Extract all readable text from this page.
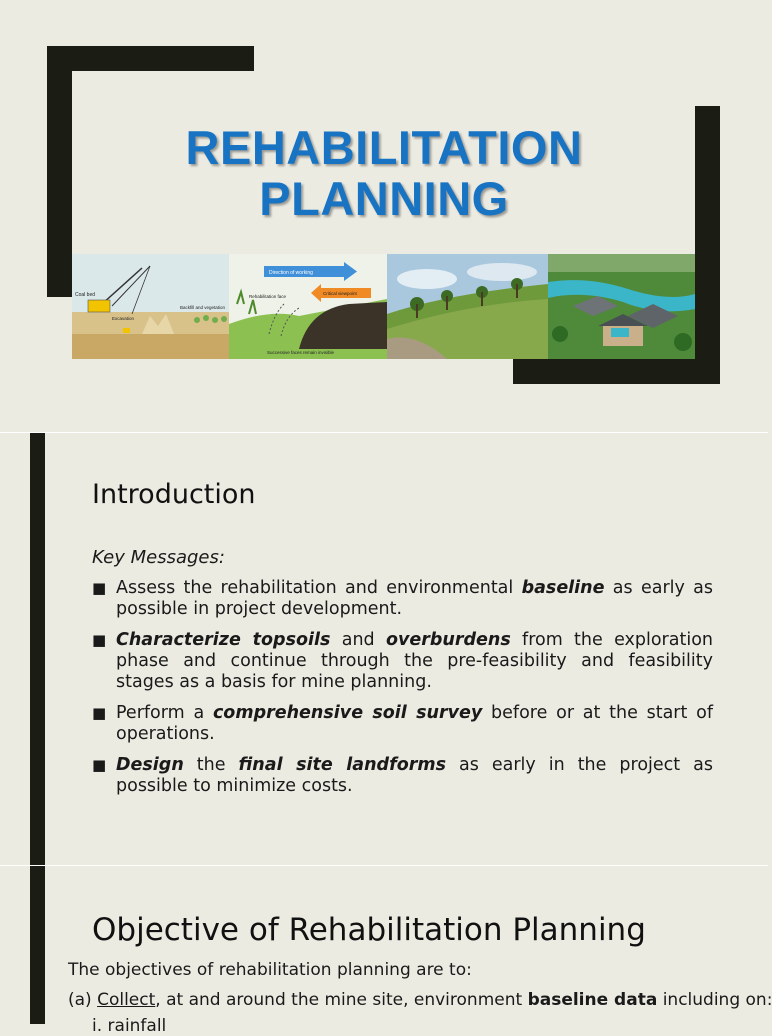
REHABILITATION
PLANNING
Coal bed
Backfill and vegetation
Excavation
Direction of working
Critical viewpoint
Rehabilitation face
Successive faces remain invisible
Introduction
Key Messages:
■ Assess the rehabilitation and environmental baseline as early as possible in project development.
■ Characterize topsoils and overburdens from the exploration phase and continue through the pre-feasibility and feasibility stages as a basis for mine planning.
■ Perform a comprehensive soil survey before or at the start of operations.
■ Design the final site landforms as early in the project as possible to minimize costs.
Objective of Rehabilitation Planning
The objectives of rehabilitation planning are to:
(a) Collect, at and around the mine site, environment baseline data including on:
i. rainfall
